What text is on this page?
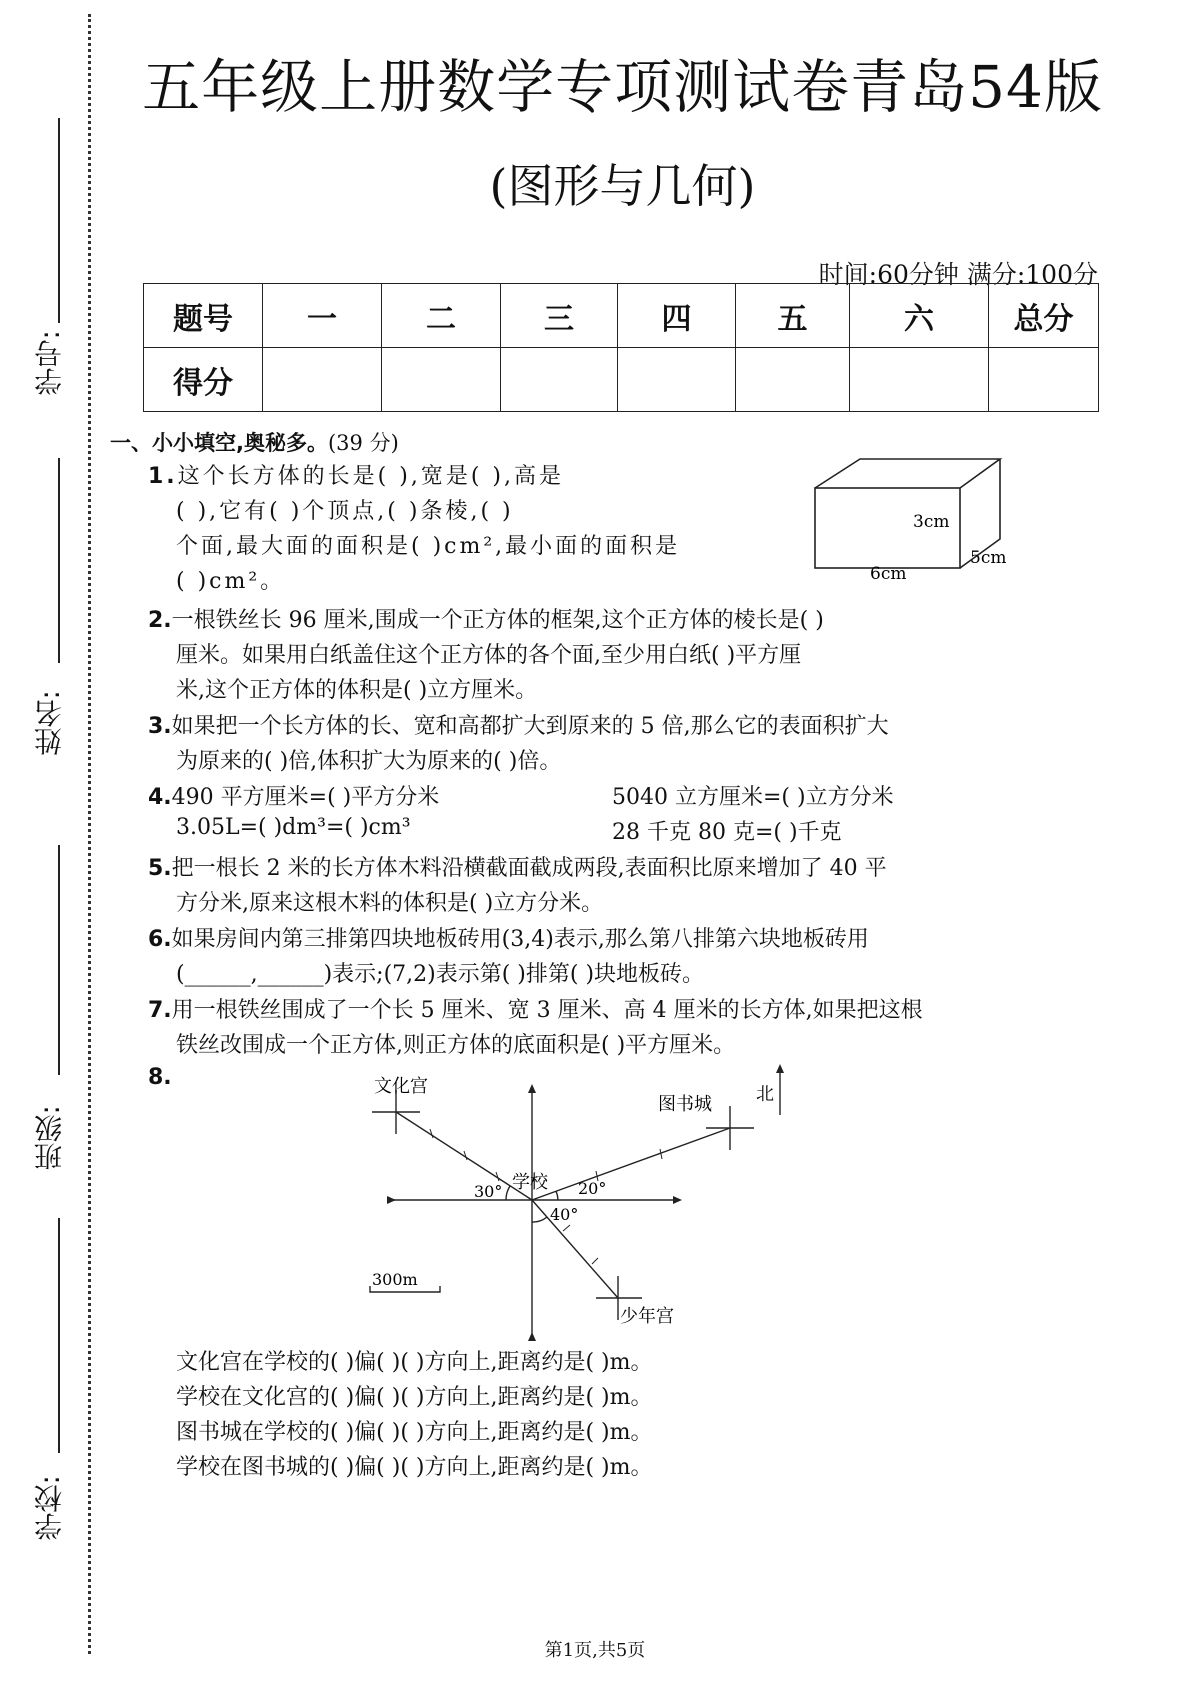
学号:
姓名:
班级:
学校:
五年级上册数学专项测试卷青岛54版
(图形与几何)
时间:60分钟 满分:100分
题号	一	二	三	四	五	六	总分
得分							
一、小小填空,奥秘多。(39 分)
1.这个长方体的长是( ),宽是( ),高是
( ),它有( )个顶点,( )条棱,( )
个面,最大面的面积是( )cm²,最小面的面积是
( )cm²。
3cm
6cm
5cm
2.一根铁丝长 96 厘米,围成一个正方体的框架,这个正方体的棱长是( )
厘米。如果用白纸盖住这个正方体的各个面,至少用白纸( )平方厘
米,这个正方体的体积是( )立方厘米。
3.如果把一个长方体的长、宽和高都扩大到原来的 5 倍,那么它的表面积扩大
为原来的( )倍,体积扩大为原来的( )倍。
4.490 平方厘米=( )平方分米	5040 立方厘米=( )立方分米
3.05L=( )dm³=( )cm³	28 千克 80 克=( )千克
5.把一根长 2 米的长方体木料沿横截面截成两段,表面积比原来增加了 40 平
方分米,原来这根木料的体积是( )立方分米。
6.如果房间内第三排第四块地板砖用(3,4)表示,那么第八排第六块地板砖用
(______,______)表示;(7,2)表示第( )排第( )块地板砖。
7.用一根铁丝围成了一个长 5 厘米、宽 3 厘米、高 4 厘米的长方体,如果把这根
铁丝改围成一个正方体,则正方体的底面积是( )平方厘米。
8.	文化宫
图书城
学校
少年宫
北
30°	20°
40°
300m
文化宫在学校的( )偏( )( )方向上,距离约是( )m。
学校在文化宫的( )偏( )( )方向上,距离约是( )m。
图书城在学校的( )偏( )( )方向上,距离约是( )m。
学校在图书城的( )偏( )( )方向上,距离约是( )m。
第1页,共5页
